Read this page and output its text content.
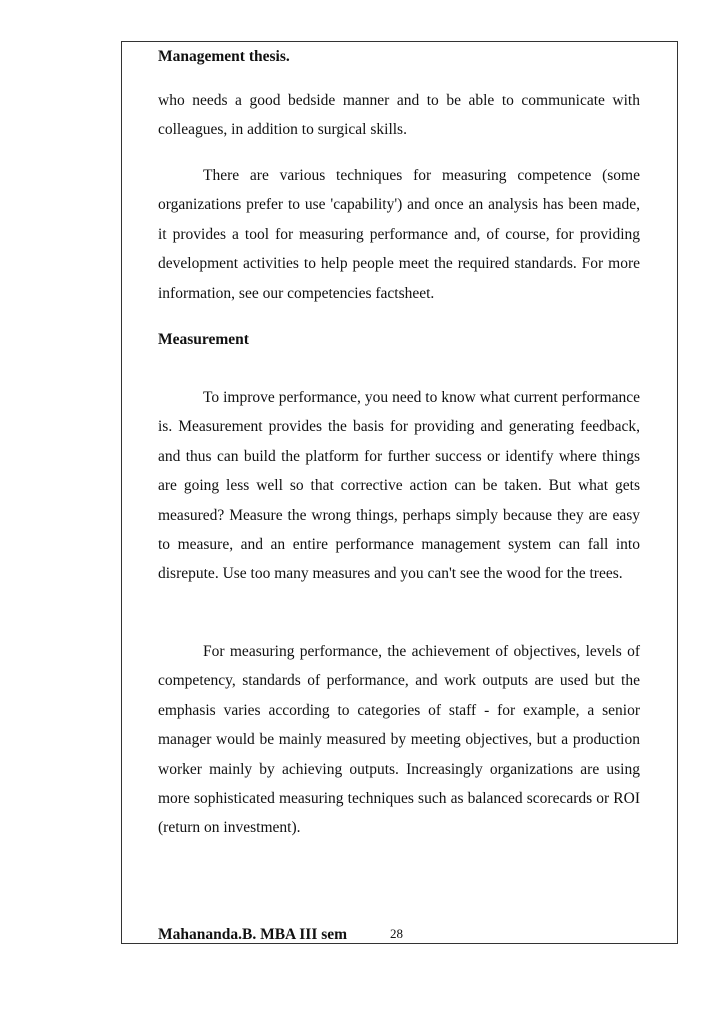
Management thesis.

who needs a good bedside manner and to be able to communicate with colleagues, in addition to surgical skills.

There are various techniques for measuring competence (some organizations prefer to use 'capability') and once an analysis has been made, it provides a tool for measuring performance and, of course, for providing development activities to help people meet the required standards. For more information, see our competencies factsheet.

Measurement

To improve performance, you need to know what current performance is. Measurement provides the basis for providing and generating feedback, and thus can build the platform for further success or identify where things are going less well so that corrective action can be taken. But what gets measured? Measure the wrong things, perhaps simply because they are easy to measure, and an entire performance management system can fall into disrepute. Use too many measures and you can't see the wood for the trees.

For measuring performance, the achievement of objectives, levels of competency, standards of performance, and work outputs are used but the emphasis varies according to categories of staff - for example, a senior manager would be mainly measured by meeting objectives, but a production worker mainly by achieving outputs. Increasingly organizations are using more sophisticated measuring techniques such as balanced scorecards or ROI (return on investment).

Mahananda.B. MBA III sem	28
